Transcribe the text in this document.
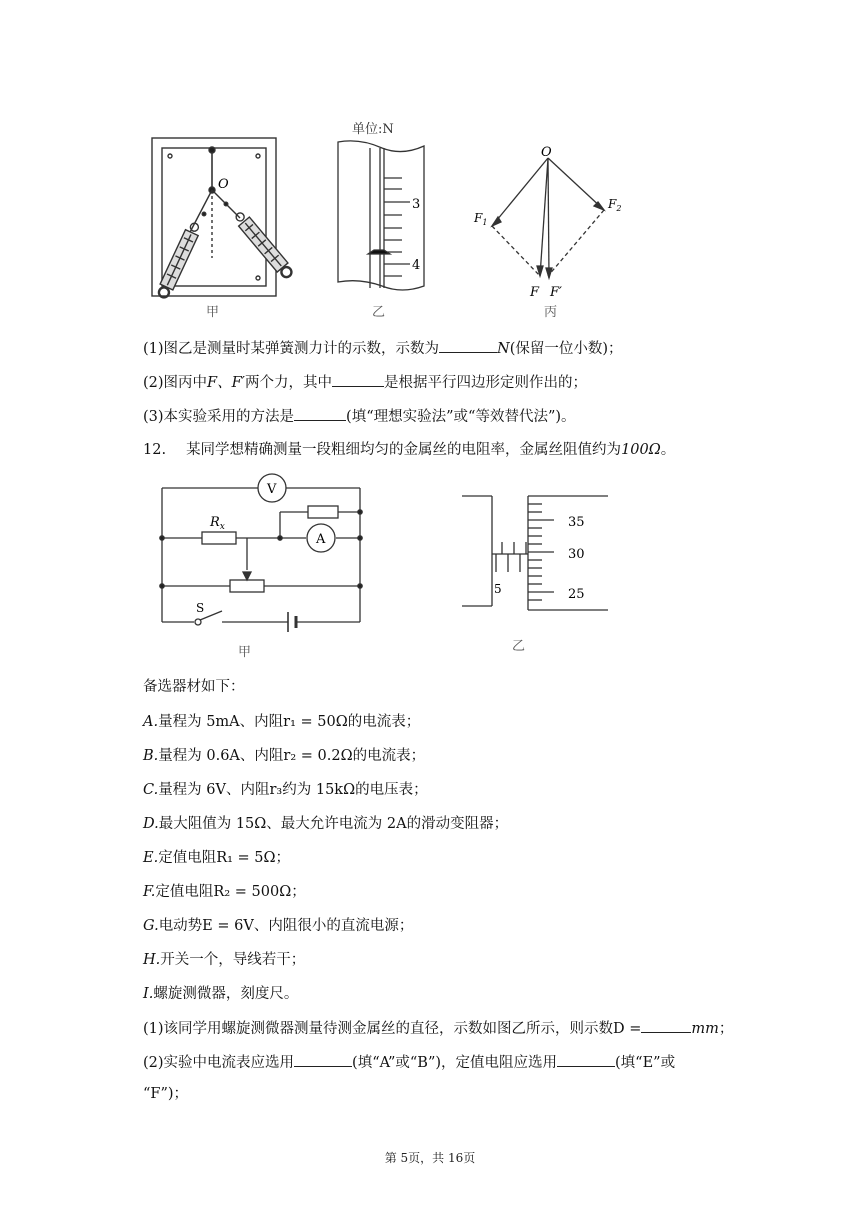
O
甲
单位:N
3
4
乙
O
$F_1$
$F_2$
F F′
丙
(1)图乙是测量时某弹簧测力计的示数，示数为	N(保留一位小数)；
(2)图丙中F、F′两个力，其中	是根据平行四边形定则作出的；
(3)本实验采用的方法是	(填“理想实验法”或“等效替代法”)。
12. 某同学想精确测量一段粗细均匀的金属丝的电阻率，金属丝阻值约为100Ω。
V
A
$R_x$
S
甲
35
30
25
5
乙
备选器材如下：
A.量程为 5mA、内阻r₁ = 50Ω的电流表；
B.量程为 0.6A、内阻r₂ = 0.2Ω的电流表；
C.量程为 6V、内阻r₃约为 15kΩ的电压表；
D.最大阻值为 15Ω、最大允许电流为 2A的滑动变阻器；
E.定值电阻R₁ = 5Ω；
F.定值电阻R₂ = 500Ω；
G.电动势E = 6V、内阻很小的直流电源；
H.开关一个，导线若干；
I.螺旋测微器，刻度尺。
(1)该同学用螺旋测微器测量待测金属丝的直径，示数如图乙所示，则示数D =	mm；
(2)实验中电流表应选用	(填“A”或“B”)，定值电阻应选用	(填“E”或
“F”)；
第 5页，共 16页
